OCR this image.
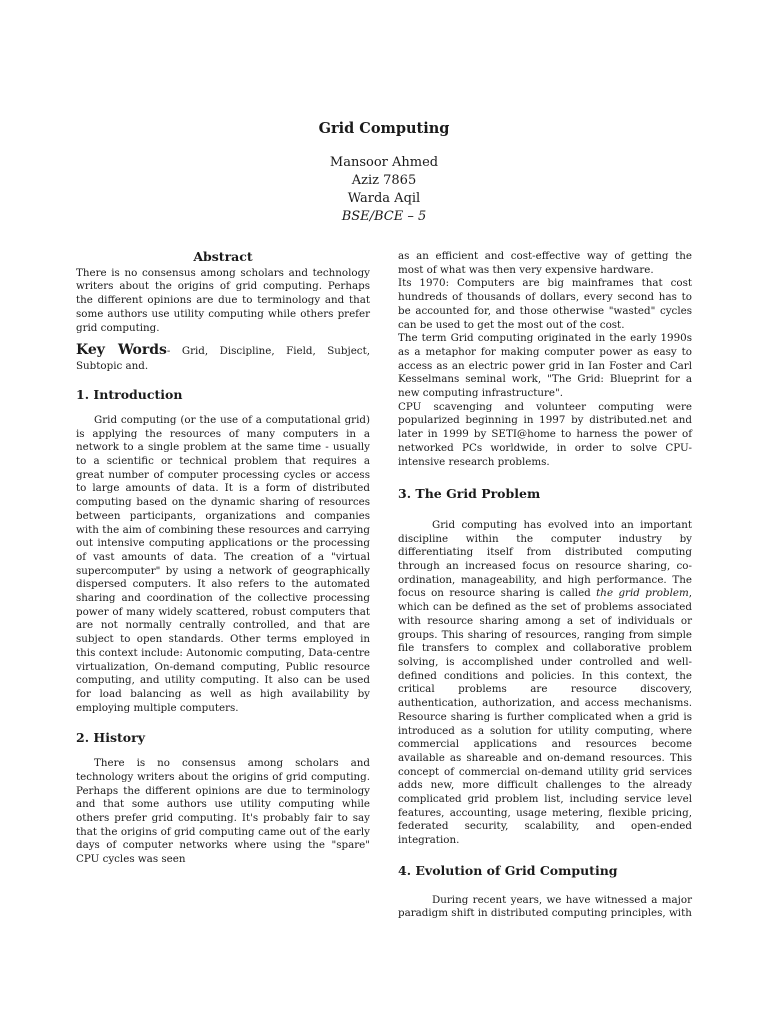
Grid Computing
Mansoor Ahmed
Aziz 7865
Warda Aqil
BSE/BCE – 5
Abstract

There is no consensus among scholars and technology writers about the origins of grid computing. Perhaps the different opinions are due to terminology and that some authors use utility computing while others prefer grid computing.

Key Words- Grid, Discipline, Field, Subject, Subtopic and.

1. Introduction

Grid computing (or the use of a computational grid) is applying the resources of many computers in a network to a single problem at the same time - usually to a scientific or technical problem that requires a great number of computer processing cycles or access to large amounts of data. It is a form of distributed computing based on the dynamic sharing of resources between participants, organizations and companies with the aim of combining these resources and carrying out intensive computing applications or the processing of vast amounts of data. The creation of a "virtual supercomputer" by using a network of geographically dispersed computers. It also refers to the automated sharing and coordination of the collective processing power of many widely scattered, robust computers that are not normally centrally controlled, and that are subject to open standards. Other terms employed in this context include: Autonomic computing, Data-centre virtualization, On-demand computing, Public resource computing, and utility computing. It also can be used for load balancing as well as high availability by employing multiple computers.

2. History

There is no consensus among scholars and technology writers about the origins of grid computing. Perhaps the different opinions are due to terminology and that some authors use utility computing while others prefer grid computing. It's probably fair to say that the origins of grid computing came out of the early days of computer networks where using the "spare" CPU cycles was seen

as an efficient and cost-effective way of getting the most of what was then very expensive hardware.

Its 1970: Computers are big mainframes that cost hundreds of thousands of dollars, every second has to be accounted for, and those otherwise "wasted" cycles can be used to get the most out of the cost.

The term Grid computing originated in the early 1990s as a metaphor for making computer power as easy to access as an electric power grid in Ian Foster and Carl Kesselmans seminal work, "The Grid: Blueprint for a new computing infrastructure".

CPU scavenging and volunteer computing were popularized beginning in 1997 by distributed.net and later in 1999 by SETI@home to harness the power of networked PCs worldwide, in order to solve CPU-intensive research problems.

3. The Grid Problem

Grid computing has evolved into an important discipline within the computer industry by differentiating itself from distributed computing through an increased focus on resource sharing, co-ordination, manageability, and high performance. The focus on resource sharing is called the grid problem, which can be defined as the set of problems associated with resource sharing among a set of individuals or groups. This sharing of resources, ranging from simple file transfers to complex and collaborative problem solving, is accomplished under controlled and well-defined conditions and policies. In this context, the critical problems are resource discovery, authentication, authorization, and access mechanisms. Resource sharing is further complicated when a grid is introduced as a solution for utility computing, where commercial applications and resources become available as shareable and on-demand resources. This concept of commercial on-demand utility grid services adds new, more difficult challenges to the already complicated grid problem list, including service level features, accounting, usage metering, flexible pricing, federated security, scalability, and open-ended integration.

4. Evolution of Grid Computing

During recent years, we have witnessed a major paradigm shift in distributed computing principles, with
